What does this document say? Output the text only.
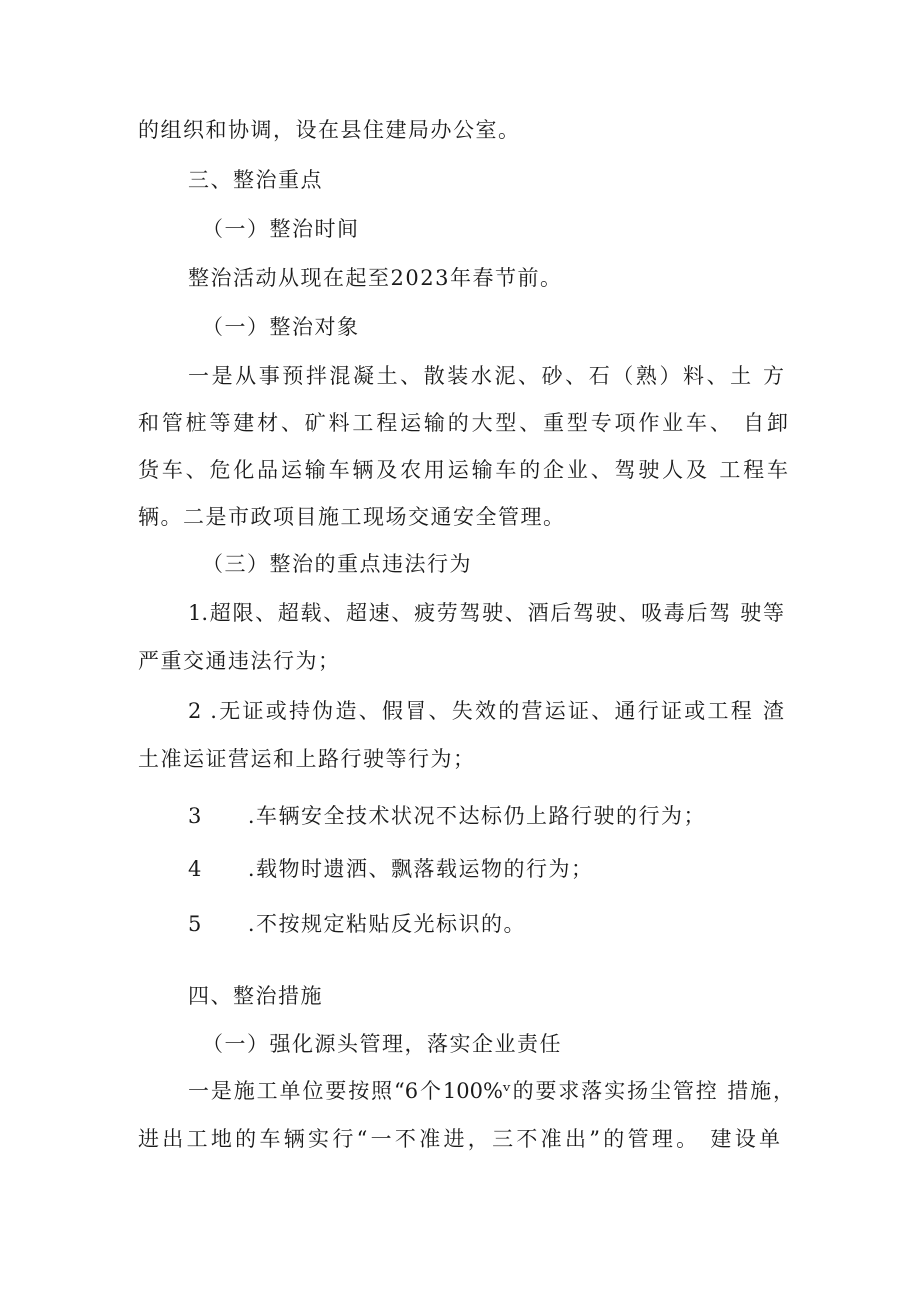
的组织和协调，设在县住建局办公室。
三、整治重点
（一）整治时间
整治活动从现在起至2023年春节前。
（一）整治对象
一是从事预拌混凝土、散装水泥、砂、石（熟）料、土 方
和管桩等建材、矿料工程运输的大型、重型专项作业车、 自卸
货车、危化品运输车辆及农用运输车的企业、驾驶人及 工程车
辆。二是市政项目施工现场交通安全管理。
（三）整治的重点违法行为
1.超限、超载、超速、疲劳驾驶、酒后驾驶、吸毒后驾 驶等
严重交通违法行为；
2 .无证或持伪造、假冒、失效的营运证、通行证或工程 渣
土准运证营运和上路行驶等行为；
3  .车辆安全技术状况不达标仍上路行驶的行为；
4  .载物时遗洒、飘落载运物的行为；
5  .不按规定粘贴反光标识的。
四、整治措施
（一）强化源头管理，落实企业责任
一是施工单位要按照“6个100%ᵛ的要求落实扬尘管控 措施，
进出工地的车辆实行“一不准进，三不准出”的管理。 建设单
